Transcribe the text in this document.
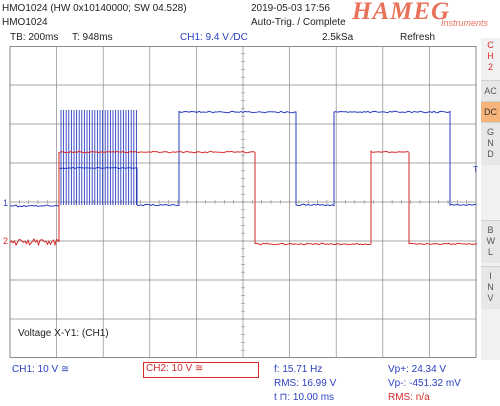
HMO1024 (HW 0x10140000; SW 04.528)
HMO1024
2019-05-03 17:56
Auto-Trig. / Complete HAMEG
Instruments
TB: 200ms T: 948ms	CH1: 9.4 V ⁄DC	2.5kSa	Refresh
1
2
T
Voltage X-Y1: (CH1)
CH2
AC
DC
GND
BWL
INV
CH1: 10 V ≅	CH2: 10 V ≅	f: 15.71 Hz
RMS: 16.99 V
t ⊓: 10.00 ms
Vp+: 24.34 V
Vp-: -451.32 mV
RMS: n/a
